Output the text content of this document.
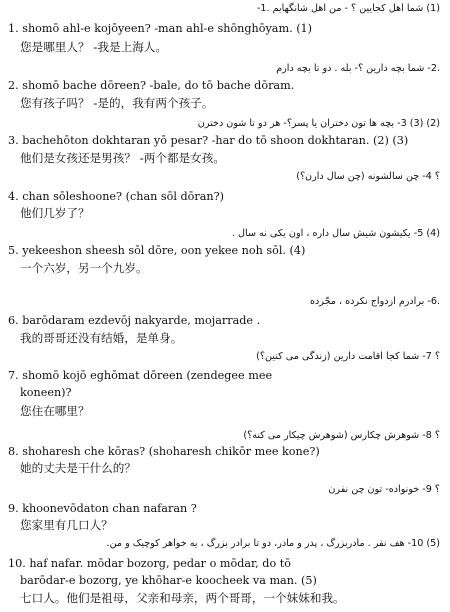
(1) شما اهل کجایین ؟ - من اهل شانگهایم .1-
1. shomō ahl-e kojōyeen? -man ahl-e shōnghōyam. (1)
您是哪里人？ -我是上海人。
.2- شما بچه دارین ؟- بله . دو تا بچه دارم
2. shomō bache dōreen? -bale, do tō bache dōram.
您有孩子吗？ -是的，我有两个孩子。
(2) (3) 3- بچه ها تون دختران یا پسر؟- هر دو تا شون دخترن
3. bachehōton dokhtaran yō pesar? -har do tō shoon dokhtaran. (2) (3)
他们是女孩还是男孩？ -两个都是女孩。
؟ 4- چن سالشونه (چن سال دارن؟)
4. chan sōleshoone? (chan sōl dōran?)
他们几岁了？
(4) 5- یکیشون شیش سال داره ، اون یکی نه سال .
5. yekeeshon sheesh sōl dōre, oon yekee noh sōl. (4)
一个六岁，另一个九岁。
.6- برادرم ازدواج نکرده ، مجّرده
6. barōdaram ezdevōj nakyarde, mojarrade .
我的哥哥还没有结婚，是单身。
؟ 7- شما کجا اقامت دارین (زندگی می کنین؟)
7. shomō kojō eghōmat dōreen (zendegee mee
koneen)?
您住在哪里？
؟ 8- شوهرش چکارس (شوهرش چیکار می کنه؟)
8. shoharesh che kōras? (shoharesh chikōr mee kone?)
她的丈夫是干什么的？
؟ 9- خونواده- تون چن نفرن
9. khoonevōdaton chan nafaran ?
您家里有几口人？
(5) 10- هف نفر . مادربزرگ ، پدر و مادر، دو تا برادر بزرگ ، یه خواهر کوچیک و من.
10. haf nafar. mōdar bozorg, pedar o mōdar, do tō
barōdar-e bozorg, ye khōhar-e koocheek va man. (5)
七口人。他们是祖母，父亲和母亲，两个哥哥，一个妹妹和我。
